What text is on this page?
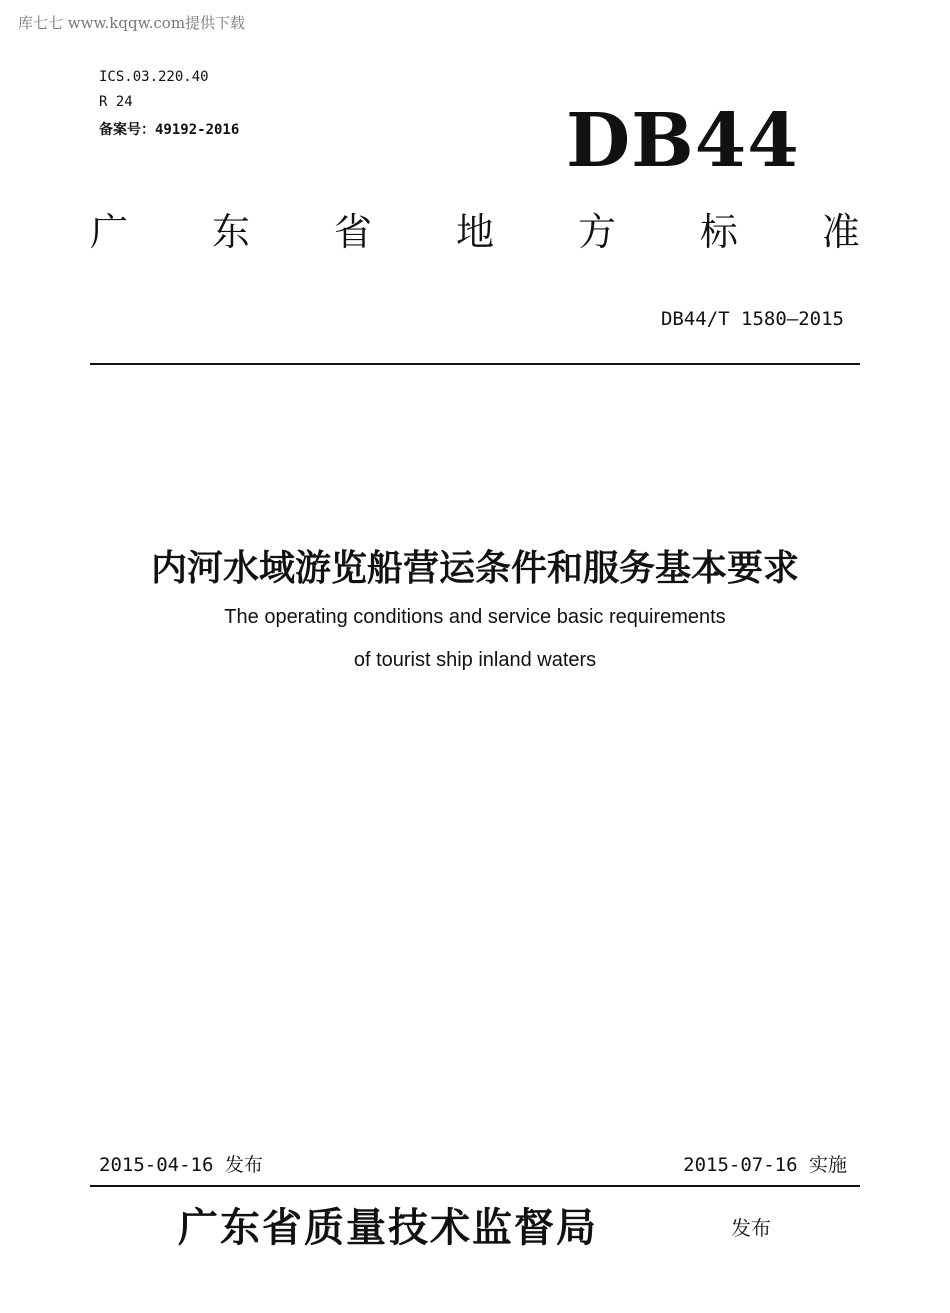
库七七 www.kqqw.com提供下载
ICS.03.220.40
R 24
备案号：49192-2016	DB44
广 东 省 地 方 标 准
DB44/T 1580—2015
内河水域游览船营运条件和服务基本要求
The operating conditions and service basic requirements
of tourist ship inland waters
2015-04-16 发布	2015-07-16 实施
广东省质量技术监督局	发布
